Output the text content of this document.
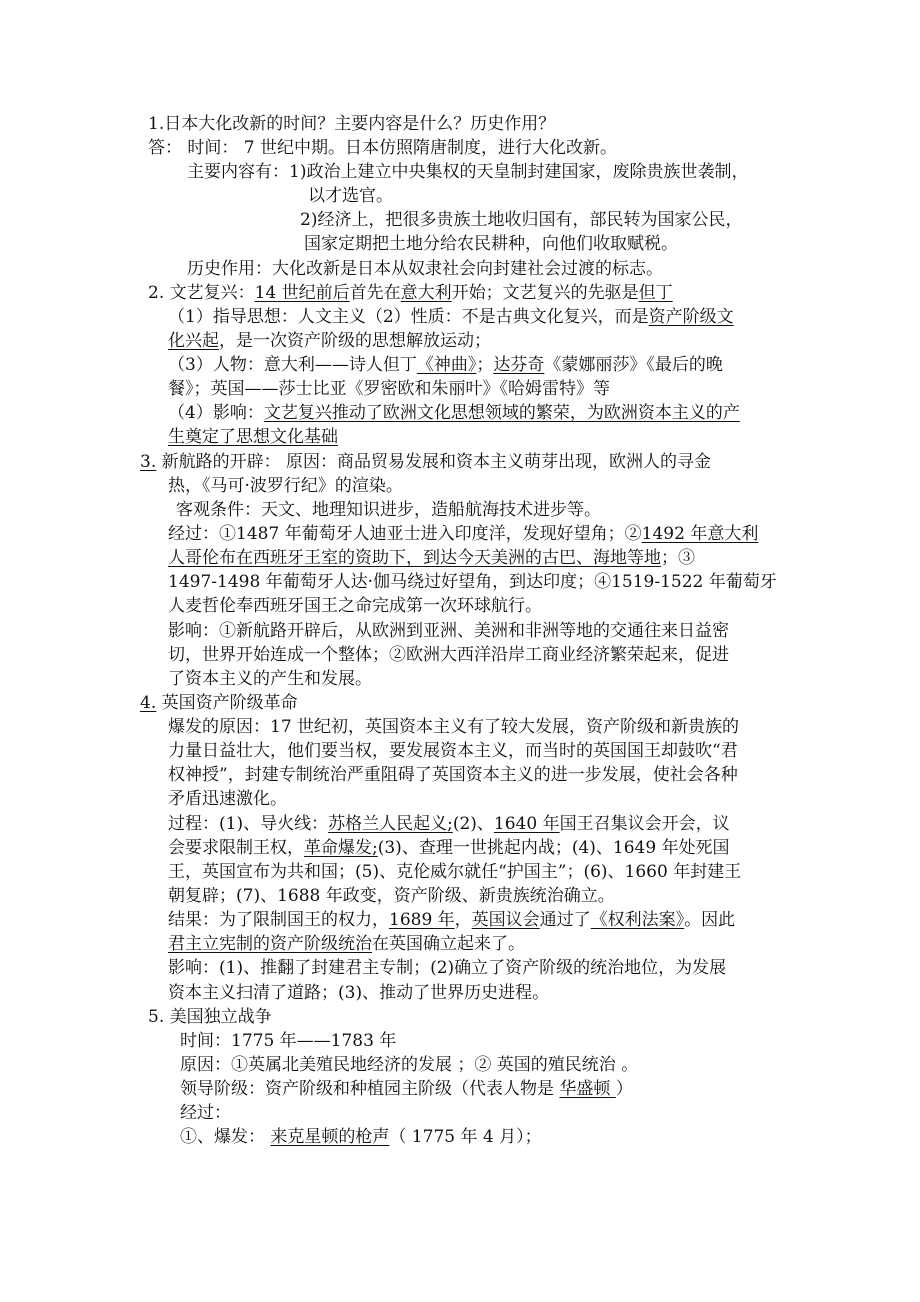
1.日本大化改新的时间？主要内容是什么？历史作用？
答： 时间： 7 世纪中期。日本仿照隋唐制度，进行大化改新。
主要内容有：1)政治上建立中央集权的天皇制封建国家，废除贵族世袭制，
以才选官。
2)经济上，把很多贵族土地收归国有，部民转为国家公民，
国家定期把土地分给农民耕种，向他们收取赋税。
历史作用：大化改新是日本从奴隶社会向封建社会过渡的标志。
2. 文艺复兴：14 世纪前后首先在意大利开始；文艺复兴的先驱是但丁
（1）指导思想：人文主义（2）性质：不是古典文化复兴，而是资产阶级文
化兴起，是一次资产阶级的思想解放运动；
（3）人物：意大利——诗人但丁《神曲》；达芬奇《蒙娜丽莎》《最后的晚
餐》；英国——莎士比亚《罗密欧和朱丽叶》《哈姆雷特》等
（4）影响：文艺复兴推动了欧洲文化思想领域的繁荣，为欧洲资本主义的产
生奠定了思想文化基础
3. 新航路的开辟： 原因：商品贸易发展和资本主义萌芽出现，欧洲人的寻金
热，《马可·波罗行纪》的渲染。
客观条件：天文、地理知识进步，造船航海技术进步等。
经过：①1487 年葡萄牙人迪亚士进入印度洋，发现好望角；②1492 年意大利
人哥伦布在西班牙王室的资助下，到达今天美洲的古巴、海地等地；③
1497-1498 年葡萄牙人达·伽马绕过好望角，到达印度；④1519-1522 年葡萄牙
人麦哲伦奉西班牙国王之命完成第一次环球航行。
影响：①新航路开辟后，从欧洲到亚洲、美洲和非洲等地的交通往来日益密
切，世界开始连成一个整体；②欧洲大西洋沿岸工商业经济繁荣起来，促进
了资本主义的产生和发展。
4. 英国资产阶级革命
爆发的原因：17 世纪初，英国资本主义有了较大发展，资产阶级和新贵族的
力量日益壮大，他们要当权，要发展资本主义，而当时的英国国王却鼓吹“君
权神授”，封建专制统治严重阻碍了英国资本主义的进一步发展，使社会各种
矛盾迅速激化。
过程：(1)、导火线：苏格兰人民起义;(2)、1640 年国王召集议会开会，议
会要求限制王权，革命爆发;(3)、查理一世挑起内战；(4)、1649 年处死国
王，英国宣布为共和国；(5)、克伦威尔就任“护国主”；(6)、1660 年封建王
朝复辟；(7)、1688 年政变，资产阶级、新贵族统治确立。
结果：为了限制国王的权力，1689 年，英国议会通过了《权利法案》。因此
君主立宪制的资产阶级统治在英国确立起来了。
影响：(1)、推翻了封建君主专制；(2)确立了资产阶级的统治地位，为发展
资本主义扫清了道路；(3)、推动了世界历史进程。
5. 美国独立战争
时间：1775 年——1783 年
原因：①英属北美殖民地经济的发展 ；② 英国的殖民统治 。
领导阶级：资产阶级和种植园主阶级（代表人物是 华盛顿 ）
经过：
①、爆发： 来克星顿的枪声（ 1775 年 4 月）；
